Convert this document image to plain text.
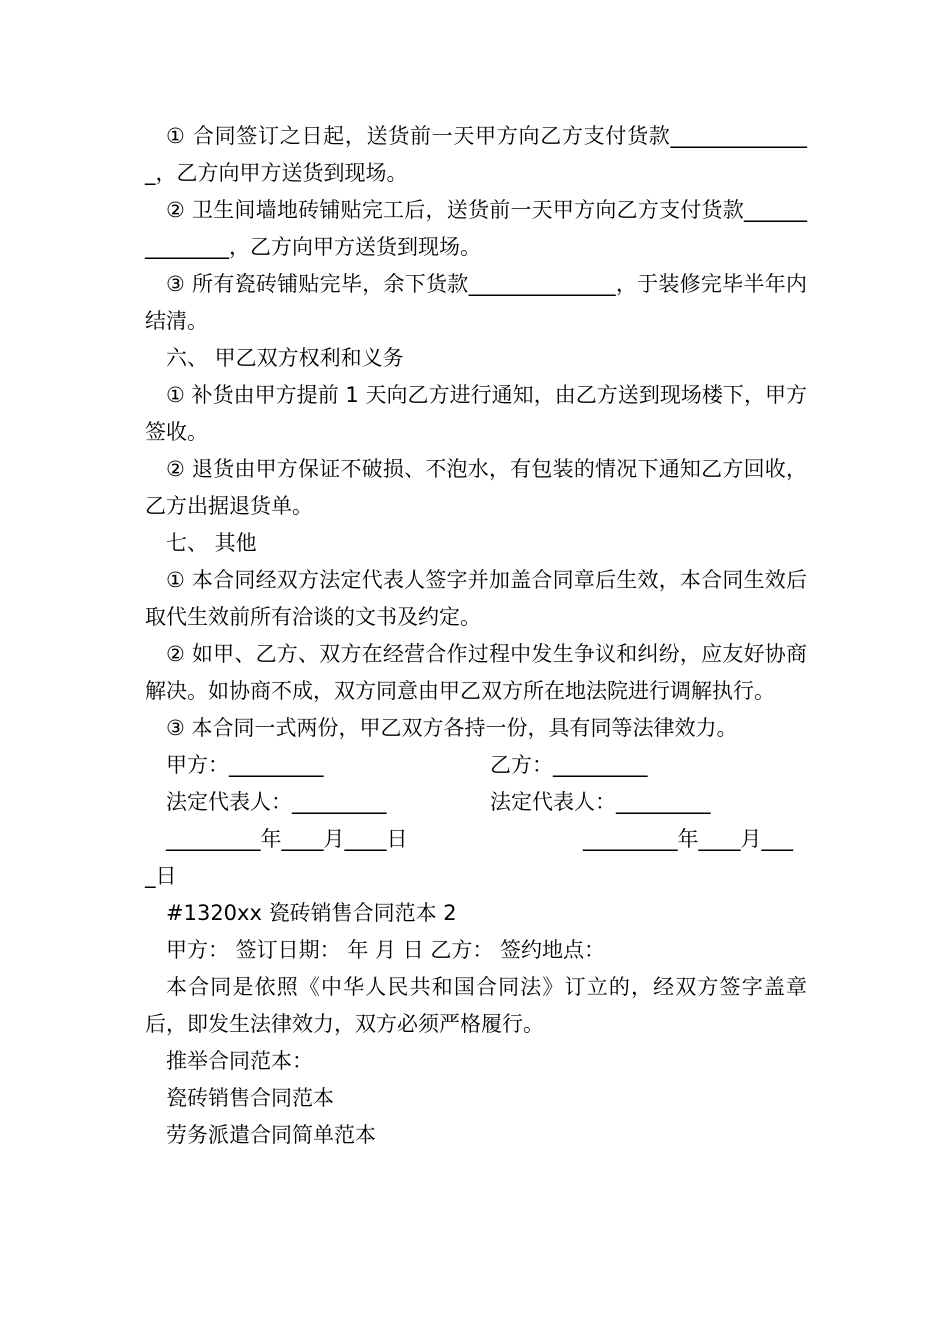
① 合同签订之日起，送货前一天甲方向乙方支付货款______________，乙方向甲方送货到现场。

② 卫生间墙地砖铺贴完工后，送货前一天甲方向乙方支付货款______________，乙方向甲方送货到现场。

③ 所有瓷砖铺贴完毕，余下货款______________，于装修完毕半年内结清。

六、 甲乙双方权利和义务

① 补货由甲方提前 1 天向乙方进行通知，由乙方送到现场楼下，甲方签收。

② 退货由甲方保证不破损、不泡水，有包装的情况下通知乙方回收，乙方出据退货单。

七、 其他

① 本合同经双方法定代表人签字并加盖合同章后生效，本合同生效后取代生效前所有洽谈的文书及约定。

② 如甲、乙方、双方在经营合作过程中发生争议和纠纷，应友好协商解决。如协商不成，双方同意由甲乙双方所在地法院进行调解执行。

③ 本合同一式两份，甲乙双方各持一份，具有同等法律效力。

甲方：_________	乙方：_________
法定代表人：_________	法定代表人：_________
_________年____月____日	_________年____月___
_日

#1320xx 瓷砖销售合同范本 2

甲方： 签订日期： 年 月 日 乙方： 签约地点：

本合同是依照《中华人民共和国合同法》订立的，经双方签字盖章后，即发生法律效力，双方必须严格履行。

推举合同范本：

瓷砖销售合同范本

劳务派遣合同简单范本
